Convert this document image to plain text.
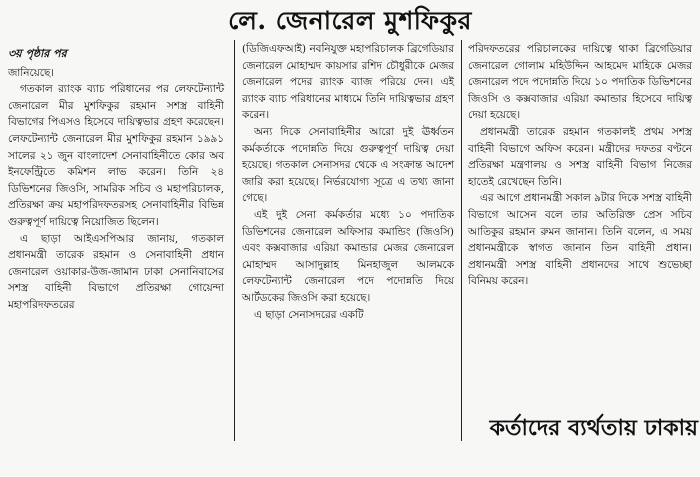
লে. জেনারেল মুশফিকুর
৩য় পৃষ্ঠার পর

জানিয়েছে।

গতকাল র‍্যাংক ব্যাচ পরিধানের পর লেফটেন্যান্ট জেনারেল মীর মুশফিকুর রহমান সশস্ত্র বাহিনী বিভাগের পিএসও হিসেবে দায়িত্বভার গ্রহণ করেছেন। লেফটেন্যান্ট জেনারেল মীর মুশফিকুর রহমান ১৯৯১ সালের ২১ জুন বাংলাদেশ সেনাবাহিনীতে কোর অব ইনফেন্ট্রিতে কমিশন লাভ করেন। তিনি ২৪ ডিভিশনের জিওসি, সামরিক সচিব ও মহাপরিচালক, প্রতিরক্ষা ক্রয় মহাপরিদফতরসহ সেনাবাহিনীর বিভিন্ন গুরুত্বপূর্ণ দায়িত্বে নিয়োজিত ছিলেন।

এ ছাড়া আইএসপিআর জানায়, গতকাল প্রধানমন্ত্রী তারেক রহমান ও সেনাবাহিনী প্রধান জেনারেল ওয়াকার-উজ-জামান ঢাকা সেনানিবাসের সশস্ত্র বাহিনী বিভাগে প্রতিরক্ষা গোয়েন্দা মহাপরিদফতরের

(ডিজিএফআই) নবনিযুক্ত মহাপরিচালক ব্রিগেডিয়ার জেনারেল মোহাম্মদ কায়সার রশিদ চৌধুরীকে মেজর জেনারেল পদের র‍্যাংক ব্যাজ পরিয়ে দেন। এই র‍্যাংক ব্যাচ পরিধানের মাধ্যমে তিনি দায়িত্বভার গ্রহণ করেন।

অন্য দিকে সেনাবাহিনীর আরো দুই ঊর্ধ্বতন কর্মকর্তাকে পদোন্নতি দিয়ে গুরুত্বপূর্ণ দায়িত্ব দেয়া হয়েছে। গতকাল সেনাসদর থেকে এ সংক্রান্ত আদেশ জারি করা হয়েছে। নির্ভরযোগ্য সূত্রে এ তথ্য জানা গেছে।

এই দুই সেনা কর্মকর্তার মধ্যে ১০ পদাতিক ডিভিশনের জেনারেল অফিসার কমান্ডিং (জিওসি) এবং কক্সবাজার এরিয়া কমান্ডার মেজর জেনারেল মোহাম্মদ আসাদুল্লাহ মিনহাজুল আলমকে লেফটেন্যান্ট জেনারেল পদে পদোন্নতি দিয়ে আর্টডকের জিওসি করা হয়েছে।

এ ছাড়া সেনাসদরের একটি

পরিদফতরের পরিচালকের দায়িত্বে থাকা ব্রিগেডিয়ার জেনারেল গোলাম মহিউদ্দিন আহমেদ মাহিকে মেজর জেনারেল পদে পদোন্নতি দিয়ে ১০ পদাতিক ডিভিশনের জিওসি ও কক্সবাজার এরিয়া কমান্ডার হিসেবে দায়িত্ব দেয়া হয়েছে।

প্রধানমন্ত্রী তারেক রহমান গতকালই প্রথম সশস্ত্র বাহিনী বিভাগে অফিস করেন। মন্ত্রীদের দফতর বণ্টনে প্রতিরক্ষা মন্ত্রণালয় ও সশস্ত্র বাহিনী বিভাগ নিজের হাতেই রেখেছেন তিনি।

এর আগে প্রধানমন্ত্রী সকাল ৯টার দিকে সশস্ত্র বাহিনী বিভাগে আসেন বলে তার অতিরিক্ত প্রেস সচিব আতিকুর রহমান রুমন জানান। তিনি বলেন, এ সময় প্রধানমন্ত্রীকে স্বাগত জানান তিন বাহিনী প্রধান। প্রধানমন্ত্রী সশস্ত্র বাহিনী প্রধানদের সাথে শুভেচ্ছা বিনিময় করেন।

কর্তাদের ব্যর্থতায় ঢাকায়
